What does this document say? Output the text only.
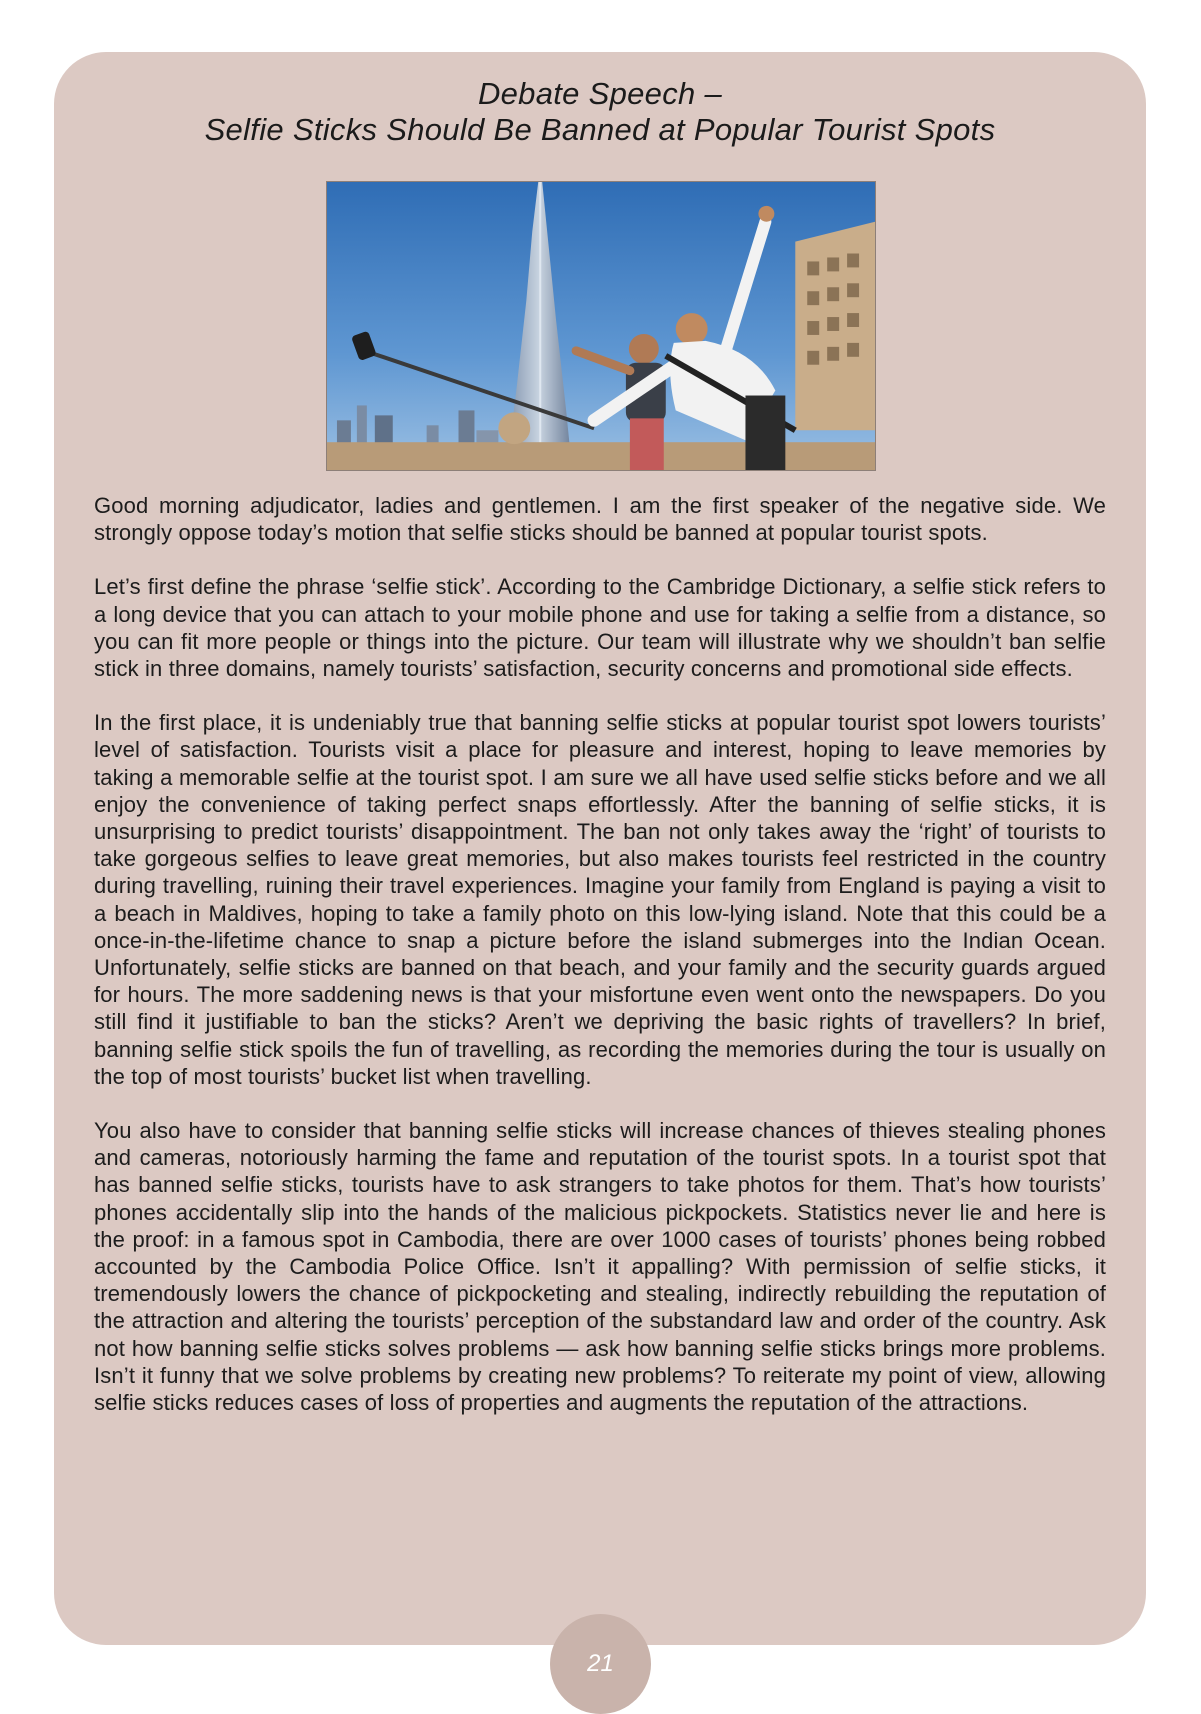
Debate Speech –
Selfie Sticks Should Be Banned at Popular Tourist Spots

Good morning adjudicator, ladies and gentlemen. I am the first speaker of the negative side. We strongly oppose today’s motion that selfie sticks should be banned at popular tourist spots.

Let’s first define the phrase ‘selfie stick’. According to the Cambridge Dictionary, a selfie stick refers to a long device that you can attach to your mobile phone and use for taking a selfie from a distance, so you can fit more people or things into the picture. Our team will illustrate why we shouldn’t ban selfie stick in three domains, namely tourists’ satisfaction, security concerns and promotional side effects.

In the first place, it is undeniably true that banning selfie sticks at popular tourist spot lowers tourists’ level of satisfaction. Tourists visit a place for pleasure and interest, hoping to leave memories by taking a memorable selfie at the tourist spot. I am sure we all have used selfie sticks before and we all enjoy the convenience of taking perfect snaps effortlessly. After the banning of selfie sticks, it is unsurprising to predict tourists’ disappointment. The ban not only takes away the ‘right’ of tourists to take gorgeous selfies to leave great memories, but also makes tourists feel restricted in the country during travelling, ruining their travel experiences. Imagine your family from England is paying a visit to a beach in Maldives, hoping to take a family photo on this low-lying island. Note that this could be a once-in-the-lifetime chance to snap a picture before the island submerges into the Indian Ocean. Unfortunately, selfie sticks are banned on that beach, and your family and the security guards argued for hours. The more saddening news is that your misfortune even went onto the newspapers. Do you still find it justifiable to ban the sticks? Aren’t we depriving the basic rights of travellers? In brief, banning selfie stick spoils the fun of travelling, as recording the memories during the tour is usually on the top of most tourists’ bucket list when travelling.

You also have to consider that banning selfie sticks will increase chances of thieves stealing phones and cameras, notoriously harming the fame and reputation of the tourist spots. In a tourist spot that has banned selfie sticks, tourists have to ask strangers to take photos for them. That’s how tourists’ phones accidentally slip into the hands of the malicious pickpockets. Statistics never lie and here is the proof: in a famous spot in Cambodia, there are over 1000 cases of tourists’ phones being robbed accounted by the Cambodia Police Office. Isn’t it appalling? With permission of selfie sticks, it tremendously lowers the chance of pickpocketing and stealing, indirectly rebuilding the reputation of the attraction and altering the tourists’ perception of the substandard law and order of the country. Ask not how banning selfie sticks solves problems — ask how banning selfie sticks brings more problems. Isn’t it funny that we solve problems by creating new problems? To reiterate my point of view, allowing selfie sticks reduces cases of loss of properties and augments the reputation of the attractions.

21
